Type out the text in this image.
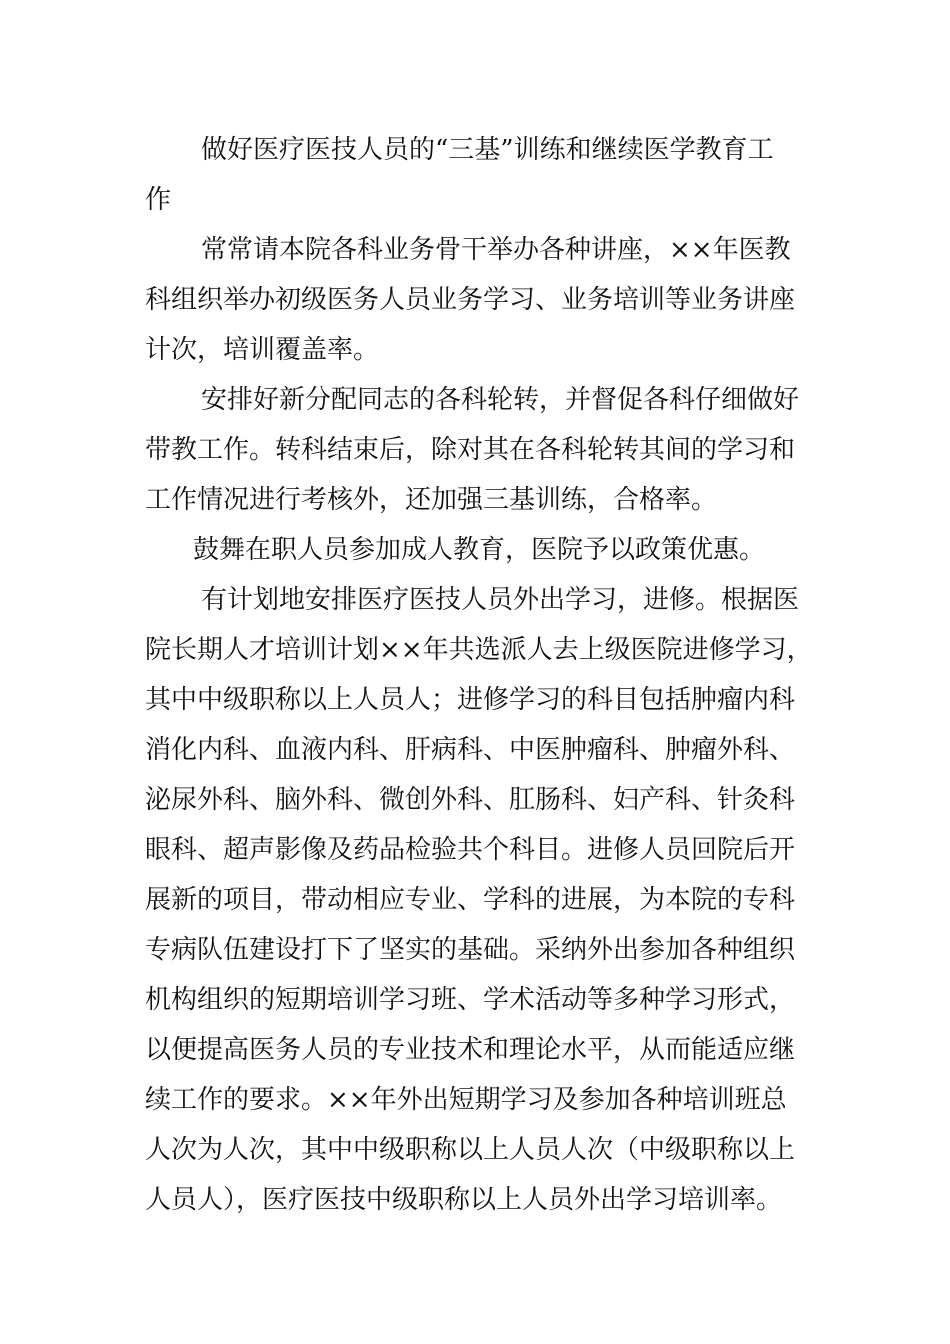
做好医疗医技人员的“三基”训练和继续医学教育工
作
常常请本院各科业务骨干举办各种讲座，××年医教
科组织举办初级医务人员业务学习、业务培训等业务讲座
计次，培训覆盖率。
安排好新分配同志的各科轮转，并督促各科仔细做好
带教工作。转科结束后，除对其在各科轮转其间的学习和
工作情况进行考核外，还加强三基训练，合格率。
鼓舞在职人员参加成人教育，医院予以政策优惠。
有计划地安排医疗医技人员外出学习，进修。根据医
院长期人才培训计划××年共选派人去上级医院进修学习，
其中中级职称以上人员人；进修学习的科目包括肿瘤内科
消化内科、血液内科、肝病科、中医肿瘤科、肿瘤外科、
泌尿外科、脑外科、微创外科、肛肠科、妇产科、针灸科
眼科、超声影像及药品检验共个科目。进修人员回院后开
展新的项目，带动相应专业、学科的进展，为本院的专科
专病队伍建设打下了坚实的基础。采纳外出参加各种组织
机构组织的短期培训学习班、学术活动等多种学习形式，
以便提高医务人员的专业技术和理论水平，从而能适应继
续工作的要求。××年外出短期学习及参加各种培训班总
人次为人次，其中中级职称以上人员人次（中级职称以上
人员人），医疗医技中级职称以上人员外出学习培训率。
